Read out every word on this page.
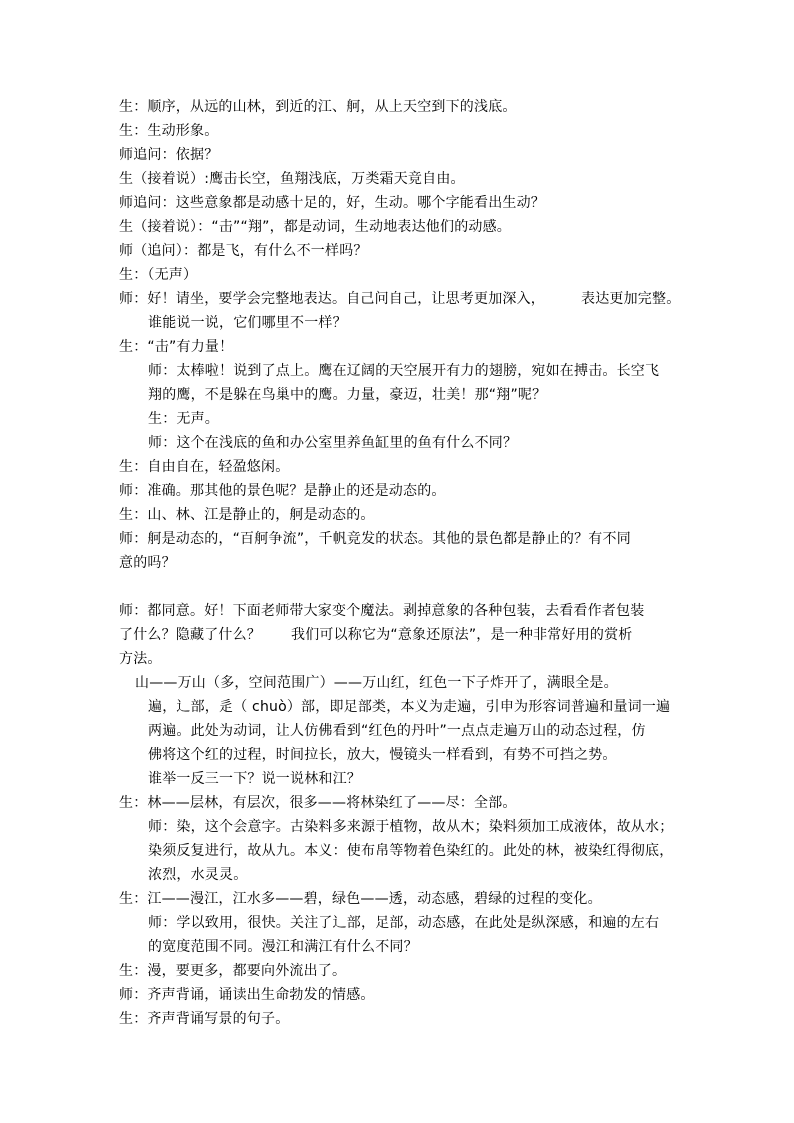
生：顺序，从远的山林，到近的江、舸，从上天空到下的浅底。
生：生动形象。
师追问：依据？
生（接着说）:鹰击长空，鱼翔浅底，万类霜天竞自由。
师追问：这些意象都是动感十足的，好，生动。哪个字能看出生动？
生（接着说）：“击”“翔”，都是动词，生动地表达他们的动感。
师（追问）：都是飞，有什么不一样吗？
生：（无声）
师：好！请坐，要学会完整地表达。自己问自己，让思考更加深入，	表达更加完整。
谁能说一说，它们哪里不一样？
生：“击”有力量！
师：太棒啦！说到了点上。鹰在辽阔的天空展开有力的翅膀，宛如在搏击。长空飞
翔的鹰，不是躲在鸟巢中的鹰。力量，豪迈，壮美！那“翔”呢？
生：无声。
师：这个在浅底的鱼和办公室里养鱼缸里的鱼有什么不同？
生：自由自在，轻盈悠闲。
师：准确。那其他的景色呢？是静止的还是动态的。
生：山、林、江是静止的，舸是动态的。
师：舸是动态的，“百舸争流”，千帆竞发的状态。其他的景色都是静止的？有不同
意的吗？
师：都同意。好！下面老师带大家变个魔法。剥掉意象的各种包装，去看看作者包装
了什么？隐藏了什么？ 我们可以称它为“意象还原法”，是一种非常好用的赏析
方法。
山——万山（多，空间范围广）——万山红，红色一下子炸开了，满眼全是。
遍，辶部，辵（ chuò）部，即足部类，本义为走遍，引申为形容词普遍和量词一遍
两遍。此处为动词，让人仿佛看到“红色的丹叶”一点点走遍万山的动态过程，仿
佛将这个红的过程，时间拉长，放大，慢镜头一样看到，有势不可挡之势。
谁举一反三一下？说一说林和江？
生：林——层林，有层次，很多——将林染红了——尽：全部。
师：染，这个会意字。古染料多来源于植物，故从木；染料须加工成液体，故从水；
染须反复进行，故从九。本义：使布帛等物着色染红的。此处的林，被染红得彻底，
浓烈，水灵灵。
生：江——漫江，江水多——碧，绿色——透，动态感，碧绿的过程的变化。
师：学以致用，很快。关注了辶部，足部，动态感，在此处是纵深感，和遍的左右
的宽度范围不同。漫江和满江有什么不同？
生：漫，要更多，都要向外流出了。
师：齐声背诵，诵读出生命勃发的情感。
生：齐声背诵写景的句子。
